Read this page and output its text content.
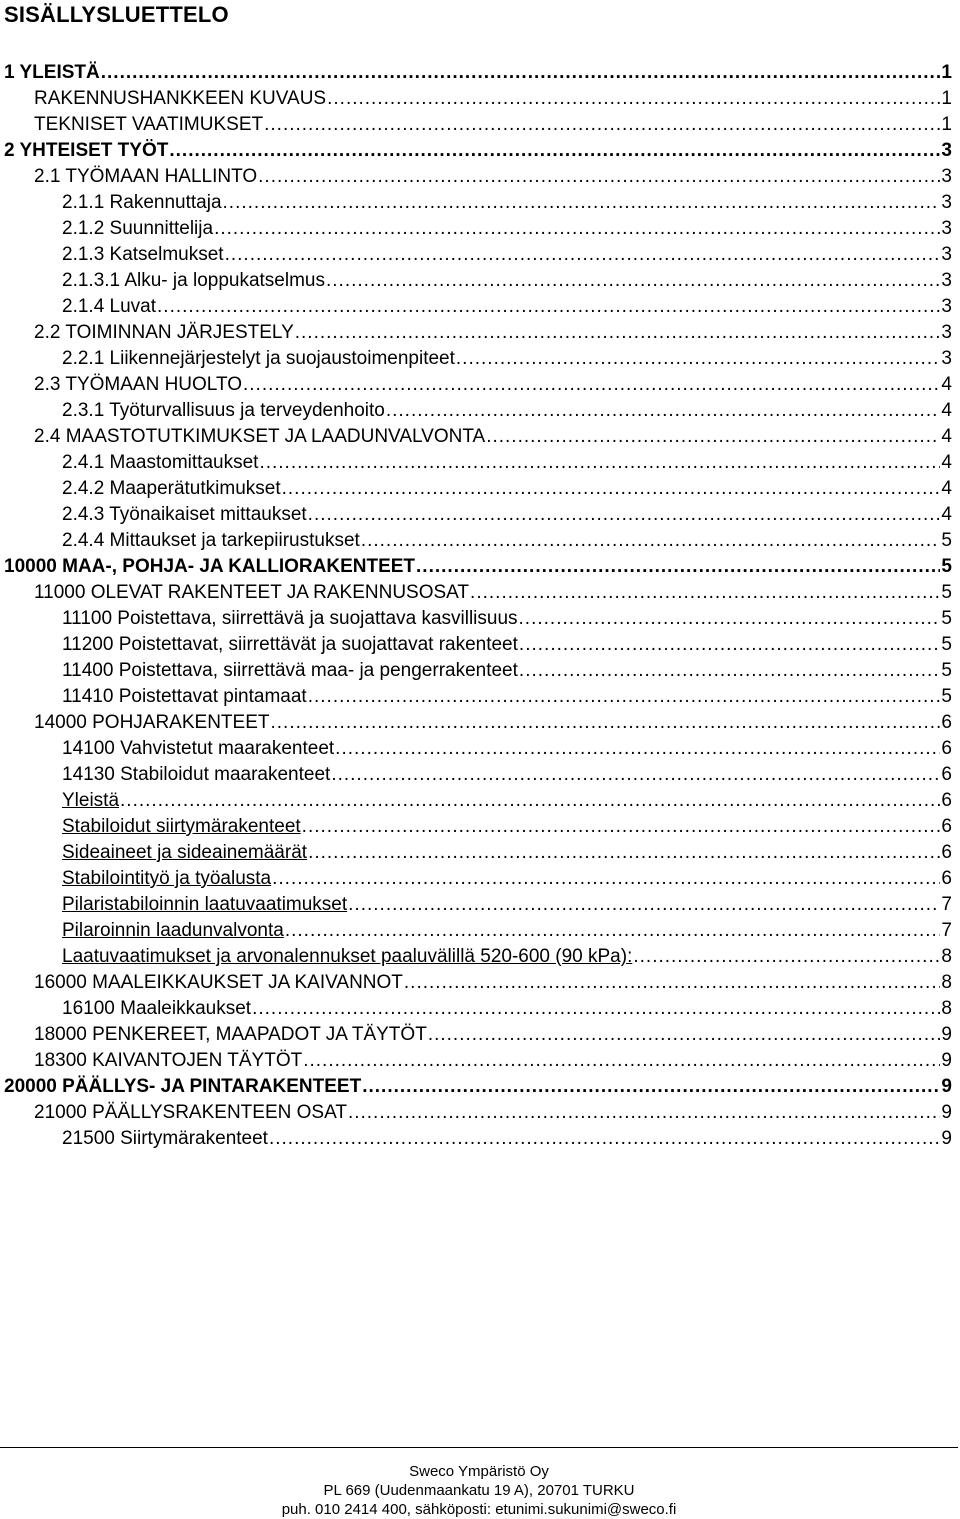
SISÄLLYSLUETTELO
1 YLEISTÄ .....	1
RAKENNUSHANKKEEN KUVAUS .....	1
TEKNISET VAATIMUKSET .....	1
2 YHTEISET TYÖT .....	3
2.1 TYÖMAAN HALLINTO .....	3
2.1.1 Rakennuttaja .....	3
2.1.2 Suunnittelija .....	3
2.1.3 Katselmukset .....	3
2.1.3.1 Alku- ja loppukatselmus .....	3
2.1.4 Luvat .....	3
2.2 TOIMINNAN JÄRJESTELY .....	3
2.2.1 Liikennejärjestelyt ja suojaustoimenpiteet .....	3
2.3 TYÖMAAN HUOLTO .....	4
2.3.1 Työturvallisuus ja terveydenhoito .....	4
2.4 MAASTOTUTKIMUKSET JA LAADUNVALVONTA .....	4
2.4.1 Maastomittaukset .....	4
2.4.2 Maaperätutkimukset .....	4
2.4.3 Työnaikaiset mittaukset .....	4
2.4.4 Mittaukset ja tarkepiirustukset .....	5
10000 MAA-, POHJA- JA KALLIORAKENTEET .....	5
11000 OLEVAT RAKENTEET JA RAKENNUSOSAT .....	5
11100 Poistettava, siirrettävä ja suojattava kasvillisuus .....	5
11200 Poistettavat, siirrettävät ja suojattavat rakenteet .....	5
11400 Poistettava, siirrettävä maa- ja pengerrakenteet .....	5
11410 Poistettavat pintamaat .....	5
14000 POHJARAKENTEET .....	6
14100 Vahvistetut maarakenteet .....	6
14130 Stabiloidut maarakenteet .....	6
Yleistä .....	6
Stabiloidut siirtymärakenteet .....	6
Sideaineet ja sideainemäärät .....	6
Stabilointityö ja työalusta .....	6
Pilaristabiloinnin laatuvaatimukset .....	7
Pilaroinnin laadunvalvonta .....	7
Laatuvaatimukset ja arvonalennukset paaluvälillä 520-600 (90 kPa): .....	8
16000 MAALEIKKAUKSET JA KAIVANNOT .....	8
16100 Maaleikkaukset .....	8
18000 PENKEREET, MAAPADOT JA TÄYTÖT .....	9
18300 KAIVANTOJEN TÄYTÖT .....	9
20000 PÄÄLLYS- JA PINTARAKENTEET .....	9
21000 PÄÄLLYSRAKENTEEN OSAT .....	9
21500 Siirtymärakenteet .....	9
Sweco Ympäristö Oy
PL 669 (Uudenmaankatu 19 A), 20701 TURKU
puh. 010 2414 400, sähköposti: etunimi.sukunimi@sweco.fi
